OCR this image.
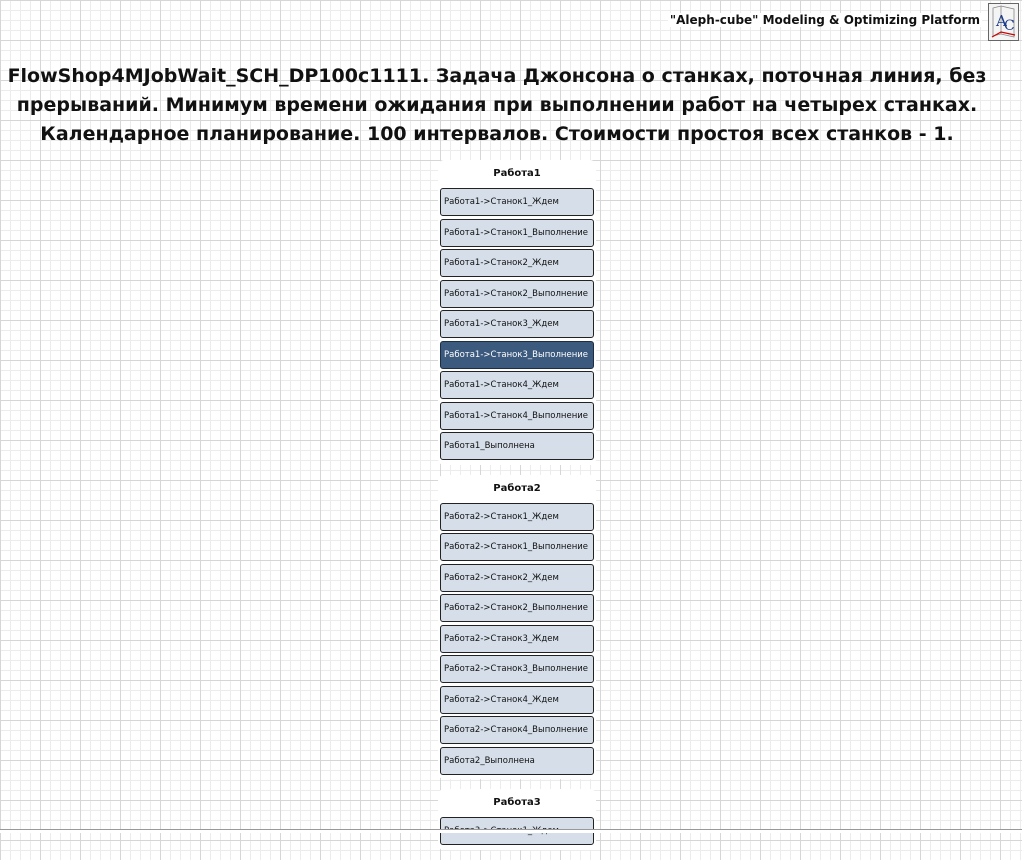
"Aleph-cube" Modeling & Optimizing Platform A
C
FlowShop4MJobWait_SCH_DP100c1111. Задача Джонсона о станках, поточная линия, без
прерываний. Минимум времени ожидания при выполнении работ на четырех станках.
Календарное планирование. 100 интервалов. Стоимости простоя всех станков - 1.
Работа1
Работа1->Станок1_Ждем
Работа1->Станок1_Выполнение
Работа1->Станок2_Ждем
Работа1->Станок2_Выполнение
Работа1->Станок3_Ждем
Работа1->Станок3_Выполнение
Работа1->Станок4_Ждем
Работа1->Станок4_Выполнение
Работа1_Выполнена
Работа2
Работа2->Станок1_Ждем
Работа2->Станок1_Выполнение
Работа2->Станок2_Ждем
Работа2->Станок2_Выполнение
Работа2->Станок3_Ждем
Работа2->Станок3_Выполнение
Работа2->Станок4_Ждем
Работа2->Станок4_Выполнение
Работа2_Выполнена
Работа3
